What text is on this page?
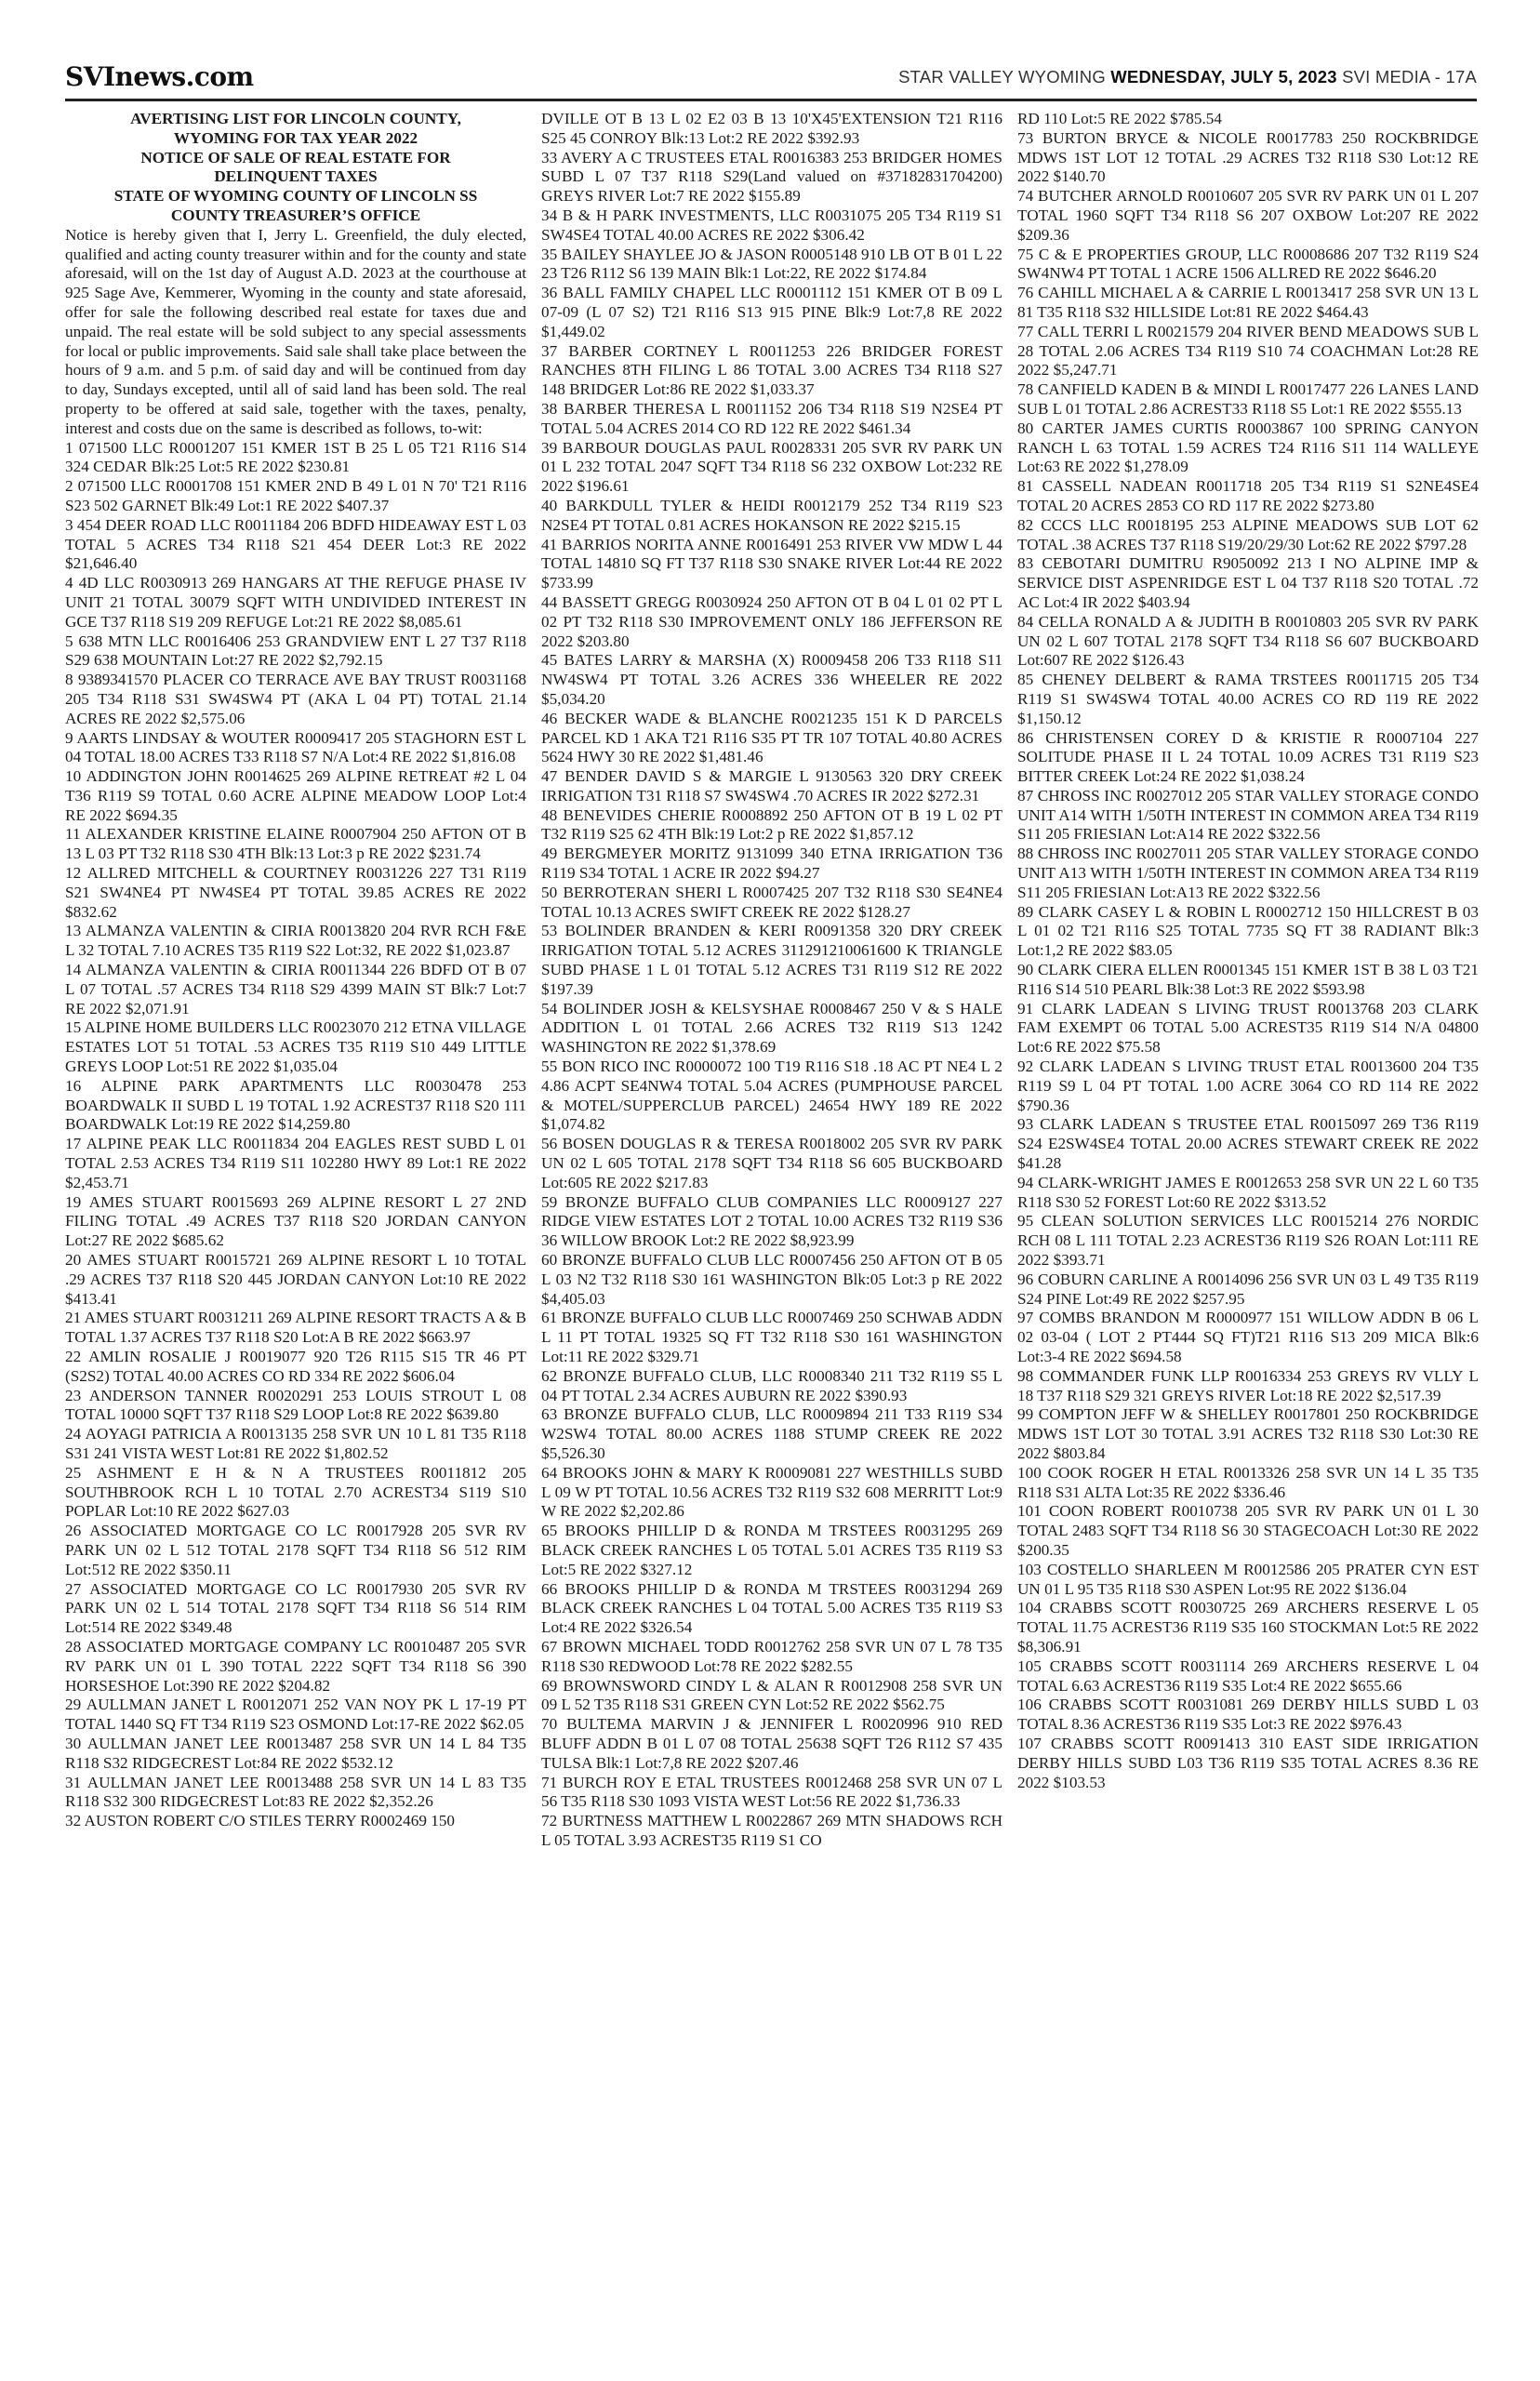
SVInews.com	STAR VALLEY WYOMING WEDNESDAY, JULY 5, 2023 SVI MEDIA - 17A

AVERTISING LIST FOR LINCOLN COUNTY,

WYOMING FOR TAX YEAR 2022

NOTICE OF SALE OF REAL ESTATE FOR

DELINQUENT TAXES

STATE OF WYOMING COUNTY OF LINCOLN SS

COUNTY TREASURER’S OFFICE

Notice is hereby given that I, Jerry L. Greenfield, the duly elected, qualified and acting county treasurer within and for the county and state aforesaid, will on the 1st day of August A.D. 2023 at the courthouse at 925 Sage Ave, Kemmerer, Wyoming in the county and state aforesaid, offer for sale the following described real estate for taxes due and unpaid. The real estate will be sold subject to any special assessments for local or public improvements. Said sale shall take place between the hours of 9 a.m. and 5 p.m. of said day and will be continued from day to day, Sundays excepted, until all of said land has been sold. The real property to be offered at said sale, together with the taxes, penalty, interest and costs due on the same is described as follows, to-wit:

1 071500 LLC R0001207 151 KMER 1ST B 25 L 05 T21 R116 S14 324 CEDAR Blk:25 Lot:5 RE 2022 $230.81

2 071500 LLC R0001708 151 KMER 2ND B 49 L 01 N 70' T21 R116 S23 502 GARNET Blk:49 Lot:1 RE 2022 $407.37

3 454 DEER ROAD LLC R0011184 206 BDFD HIDEAWAY EST L 03 TOTAL 5 ACRES T34 R118 S21 454 DEER Lot:3 RE 2022 $21,646.40

4 4D LLC R0030913 269 HANGARS AT THE REFUGE PHASE IV UNIT 21 TOTAL 30079 SQFT WITH UNDIVIDED INTEREST IN GCE T37 R118 S19 209 REFUGE Lot:21 RE 2022 $8,085.61

5 638 MTN LLC R0016406 253 GRANDVIEW ENT L 27 T37 R118 S29 638 MOUNTAIN Lot:27 RE 2022 $2,792.15

8 9389341570 PLACER CO TERRACE AVE BAY TRUST R0031168 205 T34 R118 S31 SW4SW4 PT (AKA L 04 PT) TOTAL 21.14 ACRES RE 2022 $2,575.06

9 AARTS LINDSAY & WOUTER R0009417 205 STAGHORN EST L 04 TOTAL 18.00 ACRES T33 R118 S7 N/A Lot:4 RE 2022 $1,816.08

10 ADDINGTON JOHN R0014625 269 ALPINE RETREAT #2 L 04 T36 R119 S9 TOTAL 0.60 ACRE ALPINE MEADOW LOOP Lot:4 RE 2022 $694.35

11 ALEXANDER KRISTINE ELAINE R0007904 250 AFTON OT B 13 L 03 PT T32 R118 S30 4TH Blk:13 Lot:3 p RE 2022 $231.74

12 ALLRED MITCHELL & COURTNEY R0031226 227 T31 R119 S21 SW4NE4 PT NW4SE4 PT TOTAL 39.85 ACRES RE 2022 $832.62

13 ALMANZA VALENTIN & CIRIA R0013820 204 RVR RCH F&E L 32 TOTAL 7.10 ACRES T35 R119 S22 Lot:32, RE 2022 $1,023.87

14 ALMANZA VALENTIN & CIRIA R0011344 226 BDFD OT B 07 L 07 TOTAL .57 ACRES T34 R118 S29 4399 MAIN ST Blk:7 Lot:7 RE 2022 $2,071.91

15 ALPINE HOME BUILDERS LLC R0023070 212 ETNA VILLAGE ESTATES LOT 51 TOTAL .53 ACRES T35 R119 S10 449 LITTLE GREYS LOOP Lot:51 RE 2022 $1,035.04

16 ALPINE PARK APARTMENTS LLC R0030478 253 BOARDWALK II SUBD L 19 TOTAL 1.92 ACREST37 R118 S20 111 BOARDWALK Lot:19 RE 2022 $14,259.80

17 ALPINE PEAK LLC R0011834 204 EAGLES REST SUBD L 01 TOTAL 2.53 ACRES T34 R119 S11 102280 HWY 89 Lot:1 RE 2022 $2,453.71

19 AMES STUART R0015693 269 ALPINE RESORT L 27 2ND FILING TOTAL .49 ACRES T37 R118 S20 JORDAN CANYON Lot:27 RE 2022 $685.62

20 AMES STUART R0015721 269 ALPINE RESORT L 10 TOTAL .29 ACRES T37 R118 S20 445 JORDAN CANYON Lot:10 RE 2022 $413.41

21 AMES STUART R0031211 269 ALPINE RESORT TRACTS A & B TOTAL 1.37 ACRES T37 R118 S20 Lot:A B RE 2022 $663.97

22 AMLIN ROSALIE J R0019077 920 T26 R115 S15 TR 46 PT (S2S2) TOTAL 40.00 ACRES CO RD 334 RE 2022 $606.04

23 ANDERSON TANNER R0020291 253 LOUIS STROUT L 08 TOTAL 10000 SQFT T37 R118 S29 LOOP Lot:8 RE 2022 $639.80

24 AOYAGI PATRICIA A R0013135 258 SVR UN 10 L 81 T35 R118 S31 241 VISTA WEST Lot:81 RE 2022 $1,802.52

25 ASHMENT E H & N A TRUSTEES R0011812 205 SOUTHBROOK RCH L 10 TOTAL 2.70 ACREST34 S119 S10 POPLAR Lot:10 RE 2022 $627.03

26 ASSOCIATED MORTGAGE CO LC R0017928 205 SVR RV PARK UN 02 L 512 TOTAL 2178 SQFT T34 R118 S6 512 RIM Lot:512 RE 2022 $350.11

27 ASSOCIATED MORTGAGE CO LC R0017930 205 SVR RV PARK UN 02 L 514 TOTAL 2178 SQFT T34 R118 S6 514 RIM Lot:514 RE 2022 $349.48

28 ASSOCIATED MORTGAGE COMPANY LC R0010487 205 SVR RV PARK UN 01 L 390 TOTAL 2222 SQFT T34 R118 S6 390 HORSESHOE Lot:390 RE 2022 $204.82

29 AULLMAN JANET L R0012071 252 VAN NOY PK L 17-19 PT TOTAL 1440 SQ FT T34 R119 S23 OSMOND Lot:17-RE 2022 $62.05

30 AULLMAN JANET LEE R0013487 258 SVR UN 14 L 84 T35 R118 S32 RIDGECREST Lot:84 RE 2022 $532.12

31 AULLMAN JANET LEE R0013488 258 SVR UN 14 L 83 T35 R118 S32 300 RIDGECREST Lot:83 RE 2022 $2,352.26

32 AUSTON ROBERT C/O STILES TERRY R0002469 150

DVILLE OT B 13 L 02 E2 03 B 13 10'X45'EXTENSION T21 R116 S25 45 CONROY Blk:13 Lot:2 RE 2022 $392.93

33 AVERY A C TRUSTEES ETAL R0016383 253 BRIDGER HOMES SUBD L 07 T37 R118 S29(Land valued on #37182831704200) GREYS RIVER Lot:7 RE 2022 $155.89

34 B & H PARK INVESTMENTS, LLC R0031075 205 T34 R119 S1 SW4SE4 TOTAL 40.00 ACRES RE 2022 $306.42

35 BAILEY SHAYLEE JO & JASON R0005148 910 LB OT B 01 L 22 23 T26 R112 S6 139 MAIN Blk:1 Lot:22, RE 2022 $174.84

36 BALL FAMILY CHAPEL LLC R0001112 151 KMER OT B 09 L 07-09 (L 07 S2) T21 R116 S13 915 PINE Blk:9 Lot:7,8 RE 2022 $1,449.02

37 BARBER CORTNEY L R0011253 226 BRIDGER FOREST RANCHES 8TH FILING L 86 TOTAL 3.00 ACRES T34 R118 S27 148 BRIDGER Lot:86 RE 2022 $1,033.37

38 BARBER THERESA L R0011152 206 T34 R118 S19 N2SE4 PT TOTAL 5.04 ACRES 2014 CO RD 122 RE 2022 $461.34

39 BARBOUR DOUGLAS PAUL R0028331 205 SVR RV PARK UN 01 L 232 TOTAL 2047 SQFT T34 R118 S6 232 OXBOW Lot:232 RE 2022 $196.61

40 BARKDULL TYLER & HEIDI R0012179 252 T34 R119 S23 N2SE4 PT TOTAL 0.81 ACRES HOKANSON RE 2022 $215.15

41 BARRIOS NORITA ANNE R0016491 253 RIVER VW MDW L 44 TOTAL 14810 SQ FT T37 R118 S30 SNAKE RIVER Lot:44 RE 2022 $733.99

44 BASSETT GREGG R0030924 250 AFTON OT B 04 L 01 02 PT L 02 PT T32 R118 S30 IMPROVEMENT ONLY 186 JEFFERSON RE 2022 $203.80

45 BATES LARRY & MARSHA (X) R0009458 206 T33 R118 S11 NW4SW4 PT TOTAL 3.26 ACRES 336 WHEELER RE 2022 $5,034.20

46 BECKER WADE & BLANCHE R0021235 151 K D PARCELS PARCEL KD 1 AKA T21 R116 S35 PT TR 107 TOTAL 40.80 ACRES 5624 HWY 30 RE 2022 $1,481.46

47 BENDER DAVID S & MARGIE L 9130563 320 DRY CREEK IRRIGATION T31 R118 S7 SW4SW4 .70 ACRES IR 2022 $272.31

48 BENEVIDES CHERIE R0008892 250 AFTON OT B 19 L 02 PT T32 R119 S25 62 4TH Blk:19 Lot:2 p RE 2022 $1,857.12

49 BERGMEYER MORITZ 9131099 340 ETNA IRRIGATION T36 R119 S34 TOTAL 1 ACRE IR 2022 $94.27

50 BERROTERAN SHERI L R0007425 207 T32 R118 S30 SE4NE4 TOTAL 10.13 ACRES SWIFT CREEK RE 2022 $128.27

53 BOLINDER BRANDEN & KERI R0091358 320 DRY CREEK IRRIGATION TOTAL 5.12 ACRES 311291210061600 K TRIANGLE SUBD PHASE 1 L 01 TOTAL 5.12 ACRES T31 R119 S12 RE 2022 $197.39

54 BOLINDER JOSH & KELSYSHAE R0008467 250 V & S HALE ADDITION L 01 TOTAL 2.66 ACRES T32 R119 S13 1242 WASHINGTON RE 2022 $1,378.69

55 BON RICO INC R0000072 100 T19 R116 S18 .18 AC PT NE4 L 2 4.86 ACPT SE4NW4 TOTAL 5.04 ACRES (PUMPHOUSE PARCEL & MOTEL/SUPPERCLUB PARCEL) 24654 HWY 189 RE 2022 $1,074.82

56 BOSEN DOUGLAS R & TERESA R0018002 205 SVR RV PARK UN 02 L 605 TOTAL 2178 SQFT T34 R118 S6 605 BUCKBOARD Lot:605 RE 2022 $217.83

59 BRONZE BUFFALO CLUB COMPANIES LLC R0009127 227 RIDGE VIEW ESTATES LOT 2 TOTAL 10.00 ACRES T32 R119 S36 36 WILLOW BROOK Lot:2 RE 2022 $8,923.99

60 BRONZE BUFFALO CLUB LLC R0007456 250 AFTON OT B 05 L 03 N2 T32 R118 S30 161 WASHINGTON Blk:05 Lot:3 p RE 2022 $4,405.03

61 BRONZE BUFFALO CLUB LLC R0007469 250 SCHWAB ADDN L 11 PT TOTAL 19325 SQ FT T32 R118 S30 161 WASHINGTON Lot:11 RE 2022 $329.71

62 BRONZE BUFFALO CLUB, LLC R0008340 211 T32 R119 S5 L 04 PT TOTAL 2.34 ACRES AUBURN RE 2022 $390.93

63 BRONZE BUFFALO CLUB, LLC R0009894 211 T33 R119 S34 W2SW4 TOTAL 80.00 ACRES 1188 STUMP CREEK RE 2022 $5,526.30

64 BROOKS JOHN & MARY K R0009081 227 WESTHILLS SUBD L 09 W PT TOTAL 10.56 ACRES T32 R119 S32 608 MERRITT Lot:9 W RE 2022 $2,202.86

65 BROOKS PHILLIP D & RONDA M TRSTEES R0031295 269 BLACK CREEK RANCHES L 05 TOTAL 5.01 ACRES T35 R119 S3 Lot:5 RE 2022 $327.12

66 BROOKS PHILLIP D & RONDA M TRSTEES R0031294 269 BLACK CREEK RANCHES L 04 TOTAL 5.00 ACRES T35 R119 S3 Lot:4 RE 2022 $326.54

67 BROWN MICHAEL TODD R0012762 258 SVR UN 07 L 78 T35 R118 S30 REDWOOD Lot:78 RE 2022 $282.55

69 BROWNSWORD CINDY L & ALAN R R0012908 258 SVR UN 09 L 52 T35 R118 S31 GREEN CYN Lot:52 RE 2022 $562.75

70 BULTEMA MARVIN J & JENNIFER L R0020996 910 RED BLUFF ADDN B 01 L 07 08 TOTAL 25638 SQFT T26 R112 S7 435 TULSA Blk:1 Lot:7,8 RE 2022 $207.46

71 BURCH ROY E ETAL TRUSTEES R0012468 258 SVR UN 07 L 56 T35 R118 S30 1093 VISTA WEST Lot:56 RE 2022 $1,736.33

72 BURTNESS MATTHEW L R0022867 269 MTN SHADOWS RCH L 05 TOTAL 3.93 ACREST35 R119 S1 CO

RD 110 Lot:5 RE 2022 $785.54

73 BURTON BRYCE & NICOLE R0017783 250 ROCKBRIDGE MDWS 1ST LOT 12 TOTAL .29 ACRES T32 R118 S30 Lot:12 RE 2022 $140.70

74 BUTCHER ARNOLD R0010607 205 SVR RV PARK UN 01 L 207 TOTAL 1960 SQFT T34 R118 S6 207 OXBOW Lot:207 RE 2022 $209.36

75 C & E PROPERTIES GROUP, LLC R0008686 207 T32 R119 S24 SW4NW4 PT TOTAL 1 ACRE 1506 ALLRED RE 2022 $646.20

76 CAHILL MICHAEL A & CARRIE L R0013417 258 SVR UN 13 L 81 T35 R118 S32 HILLSIDE Lot:81 RE 2022 $464.43

77 CALL TERRI L R0021579 204 RIVER BEND MEADOWS SUB L 28 TOTAL 2.06 ACRES T34 R119 S10 74 COACHMAN Lot:28 RE 2022 $5,247.71

78 CANFIELD KADEN B & MINDI L R0017477 226 LANES LAND SUB L 01 TOTAL 2.86 ACREST33 R118 S5 Lot:1 RE 2022 $555.13

80 CARTER JAMES CURTIS R0003867 100 SPRING CANYON RANCH L 63 TOTAL 1.59 ACRES T24 R116 S11 114 WALLEYE Lot:63 RE 2022 $1,278.09

81 CASSELL NADEAN R0011718 205 T34 R119 S1 S2NE4SE4 TOTAL 20 ACRES 2853 CO RD 117 RE 2022 $273.80

82 CCCS LLC R0018195 253 ALPINE MEADOWS SUB LOT 62 TOTAL .38 ACRES T37 R118 S19/20/29/30 Lot:62 RE 2022 $797.28

83 CEBOTARI DUMITRU R9050092 213 I NO ALPINE IMP & SERVICE DIST ASPENRIDGE EST L 04 T37 R118 S20 TOTAL .72 AC Lot:4 IR 2022 $403.94

84 CELLA RONALD A & JUDITH B R0010803 205 SVR RV PARK UN 02 L 607 TOTAL 2178 SQFT T34 R118 S6 607 BUCKBOARD Lot:607 RE 2022 $126.43

85 CHENEY DELBERT & RAMA TRSTEES R0011715 205 T34 R119 S1 SW4SW4 TOTAL 40.00 ACRES CO RD 119 RE 2022 $1,150.12

86 CHRISTENSEN COREY D & KRISTIE R R0007104 227 SOLITUDE PHASE II L 24 TOTAL 10.09 ACRES T31 R119 S23 BITTER CREEK Lot:24 RE 2022 $1,038.24

87 CHROSS INC R0027012 205 STAR VALLEY STORAGE CONDO UNIT A14 WITH 1/50TH INTEREST IN COMMON AREA T34 R119 S11 205 FRIESIAN Lot:A14 RE 2022 $322.56

88 CHROSS INC R0027011 205 STAR VALLEY STORAGE CONDO UNIT A13 WITH 1/50TH INTEREST IN COMMON AREA T34 R119 S11 205 FRIESIAN Lot:A13 RE 2022 $322.56

89 CLARK CASEY L & ROBIN L R0002712 150 HILLCREST B 03 L 01 02 T21 R116 S25 TOTAL 7735 SQ FT 38 RADIANT Blk:3 Lot:1,2 RE 2022 $83.05

90 CLARK CIERA ELLEN R0001345 151 KMER 1ST B 38 L 03 T21 R116 S14 510 PEARL Blk:38 Lot:3 RE 2022 $593.98

91 CLARK LADEAN S LIVING TRUST R0013768 203 CLARK FAM EXEMPT 06 TOTAL 5.00 ACREST35 R119 S14 N/A 04800 Lot:6 RE 2022 $75.58

92 CLARK LADEAN S LIVING TRUST ETAL R0013600 204 T35 R119 S9 L 04 PT TOTAL 1.00 ACRE 3064 CO RD 114 RE 2022 $790.36

93 CLARK LADEAN S TRUSTEE ETAL R0015097 269 T36 R119 S24 E2SW4SE4 TOTAL 20.00 ACRES STEWART CREEK RE 2022 $41.28

94 CLARK-WRIGHT JAMES E R0012653 258 SVR UN 22 L 60 T35 R118 S30 52 FOREST Lot:60 RE 2022 $313.52

95 CLEAN SOLUTION SERVICES LLC R0015214 276 NORDIC RCH 08 L 111 TOTAL 2.23 ACREST36 R119 S26 ROAN Lot:111 RE 2022 $393.71

96 COBURN CARLINE A R0014096 256 SVR UN 03 L 49 T35 R119 S24 PINE Lot:49 RE 2022 $257.95

97 COMBS BRANDON M R0000977 151 WILLOW ADDN B 06 L 02 03-04 ( LOT 2 PT444 SQ FT)T21 R116 S13 209 MICA Blk:6 Lot:3-4 RE 2022 $694.58

98 COMMANDER FUNK LLP R0016334 253 GREYS RV VLLY L 18 T37 R118 S29 321 GREYS RIVER Lot:18 RE 2022 $2,517.39

99 COMPTON JEFF W & SHELLEY R0017801 250 ROCKBRIDGE MDWS 1ST LOT 30 TOTAL 3.91 ACRES T32 R118 S30 Lot:30 RE 2022 $803.84

100 COOK ROGER H ETAL R0013326 258 SVR UN 14 L 35 T35 R118 S31 ALTA Lot:35 RE 2022 $336.46

101 COON ROBERT R0010738 205 SVR RV PARK UN 01 L 30 TOTAL 2483 SQFT T34 R118 S6 30 STAGECOACH Lot:30 RE 2022 $200.35

103 COSTELLO SHARLEEN M R0012586 205 PRATER CYN EST UN 01 L 95 T35 R118 S30 ASPEN Lot:95 RE 2022 $136.04

104 CRABBS SCOTT R0030725 269 ARCHERS RESERVE L 05 TOTAL 11.75 ACREST36 R119 S35 160 STOCKMAN Lot:5 RE 2022 $8,306.91

105 CRABBS SCOTT R0031114 269 ARCHERS RESERVE L 04 TOTAL 6.63 ACREST36 R119 S35 Lot:4 RE 2022 $655.66

106 CRABBS SCOTT R0031081 269 DERBY HILLS SUBD L 03 TOTAL 8.36 ACREST36 R119 S35 Lot:3 RE 2022 $976.43

107 CRABBS SCOTT R0091413 310 EAST SIDE IRRIGATION DERBY HILLS SUBD L03 T36 R119 S35 TOTAL ACRES 8.36 RE 2022 $103.53
